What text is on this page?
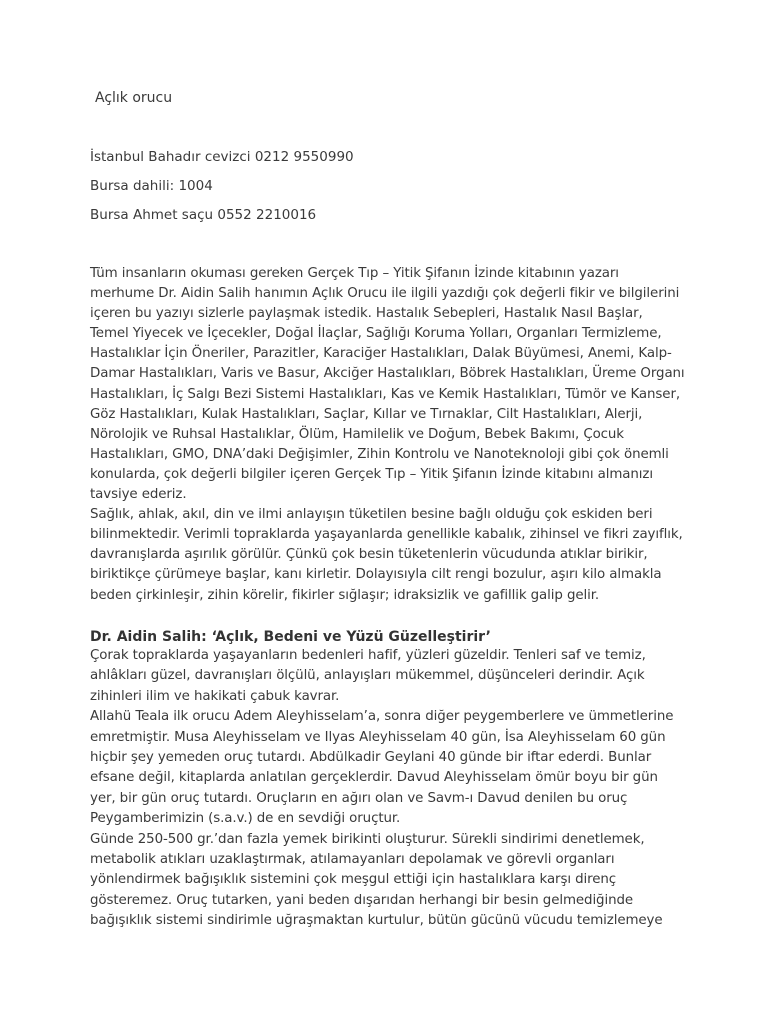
Açlık orucu
İstanbul Bahadır cevizci 0212 9550990
Bursa dahili: 1004
Bursa Ahmet saçu 0552 2210016

Tüm insanların okuması gereken Gerçek Tıp – Yitik Şifanın İzinde kitabının yazarı merhume Dr. Aidin Salih hanımın Açlık Orucu ile ilgili yazdığı çok değerli fikir ve bilgilerini içeren bu yazıyı sizlerle paylaşmak istedik. Hastalık Sebepleri, Hastalık Nasıl Başlar, Temel Yiyecek ve İçecekler, Doğal İlaçlar, Sağlığı Koruma Yolları, Organları Termizleme, Hastalıklar İçin Öneriler, Parazitler, Karaciğer Hastalıkları, Dalak Büyümesi, Anemi, Kalp-Damar Hastalıkları, Varis ve Basur, Akciğer Hastalıkları, Böbrek Hastalıkları, Üreme Organı Hastalıkları, İç Salgı Bezi Sistemi Hastalıkları, Kas ve Kemik Hastalıkları, Tümör ve Kanser, Göz Hastalıkları, Kulak Hastalıkları, Saçlar, Kıllar ve Tırnaklar, Cilt Hastalıkları, Alerji, Nörolojik ve Ruhsal Hastalıklar, Ölüm, Hamilelik ve Doğum, Bebek Bakımı, Çocuk Hastalıkları, GMO, DNA’daki Değişimler, Zihin Kontrolu ve Nanoteknoloji gibi çok önemli konularda, çok değerli bilgiler içeren Gerçek Tıp – Yitik Şifanın İzinde kitabını almanızı tavsiye ederiz.

Sağlık, ahlak, akıl, din ve ilmi anlayışın tüketilen besine bağlı olduğu çok eskiden beri bilinmektedir. Verimli topraklarda yaşayanlarda genellikle kabalık, zihinsel ve fikri zayıflık, davranışlarda aşırılık görülür. Çünkü çok besin tüketenlerin vücudunda atıklar birikir, biriktikçe çürümeye başlar, kanı kirletir. Dolayısıyla cilt rengi bozulur, aşırı kilo almakla beden çirkinleşir, zihin körelir, fikirler sığlaşır; idraksizlik ve gafillik galip gelir.

Dr. Aidin Salih: ‘Açlık, Bedeni ve Yüzü Güzelleştirir’

Çorak topraklarda yaşayanların bedenleri hafif, yüzleri güzeldir. Tenleri saf ve temiz, ahlâkları güzel, davranışları ölçülü, anlayışları mükemmel, düşünceleri derindir. Açık zihinleri ilim ve hakikati çabuk kavrar.

Allahü Teala ilk orucu Adem Aleyhisselam’a, sonra diğer peygemberlere ve ümmetlerine emretmiştir. Musa Aleyhisselam ve Ilyas Aleyhisselam 40 gün, İsa Aleyhisselam 60 gün hiçbir şey yemeden oruç tutardı. Abdülkadir Geylani 40 günde bir iftar ederdi. Bunlar efsane değil, kitaplarda anlatılan gerçeklerdir. Davud Aleyhisselam ömür boyu bir gün yer, bir gün oruç tutardı. Oruçların en ağırı olan ve Savm-ı Davud denilen bu oruç Peygamberimizin (s.a.v.) de en sevdiği oruçtur.

Günde 250-500 gr.’dan fazla yemek birikinti oluşturur. Sürekli sindirimi denetlemek, metabolik atıkları uzaklaştırmak, atılamayanları depolamak ve görevli organları yönlendirmek bağışıklık sistemini çok meşgul ettiği için hastalıklara karşı direnç gösteremez. Oruç tutarken, yani beden dışarıdan herhangi bir besin gelmediğinde bağışıklık sistemi sindirimle uğraşmaktan kurtulur, bütün gücünü vücudu temizlemeye
